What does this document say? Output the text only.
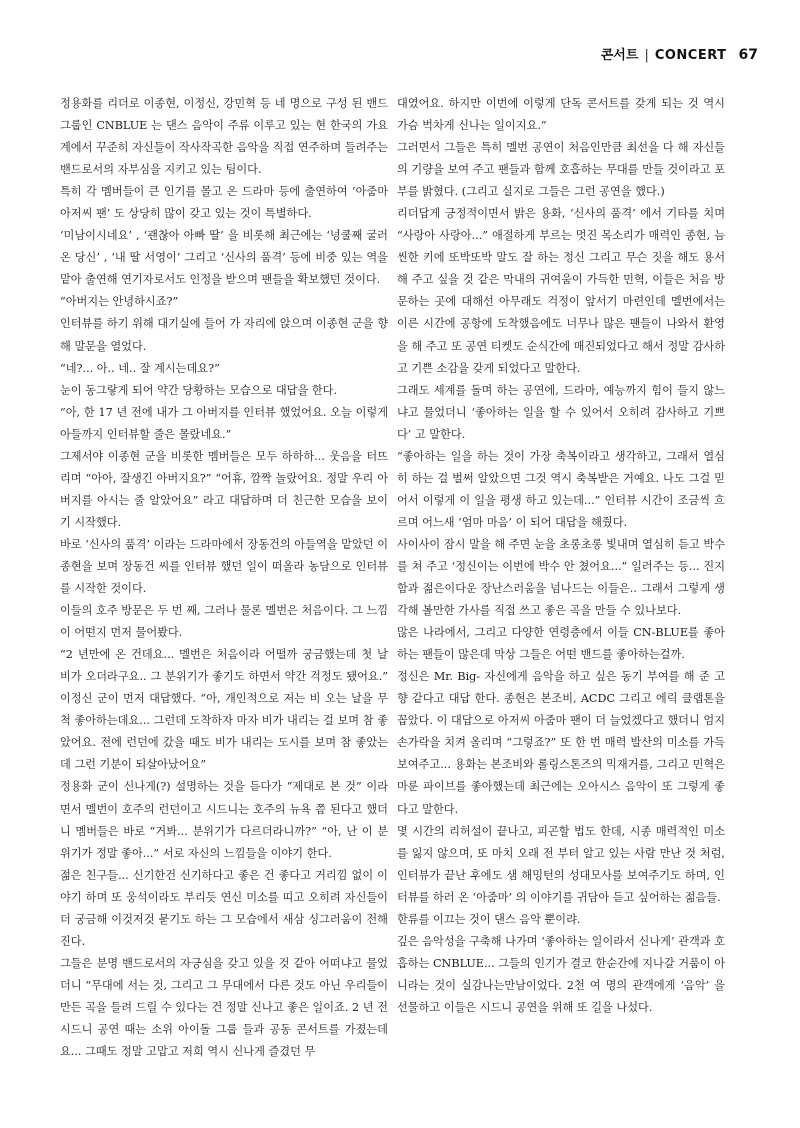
콘서트 | CONCERT 67

정용화를 리더로 이종현, 이정신, 강민혁 등 네 명으로 구성 된 밴드 그룹인 CNBLUE 는 댄스 음악이 주류 이루고 있는 현 한국의 가요계에서 꾸준히 자신들이 작사작곡한 음악을 직접 연주하며 들려주는 밴드로서의 자부심을 지키고 있는 팀이다.

특히 각 멤버들이 큰 인기를 몰고 온 드라마 등에 출연하여 ‘아줌마 아저씨 팬’ 도 상당히 많이 갖고 있는 것이 특별하다.

‘미남이시네요’ , ‘괜찮아 아빠 딸’ 을 비롯해 최근에는 ‘넝쿨째 굴러온 당신’ , ‘내 딸 서영이’ 그리고 ‘신사의 품격’ 등에 비중 있는 역을 맡아 출연해 연기자로서도 인정을 받으며 팬들을 확보했던 것이다.

“아버지는 안녕하시죠?”

인터뷰를 하기 위해 대기실에 들어 가 자리에 앉으며 이종현 군을 향해 말문을 열었다.

“네?... 아.. 네.. 잘 계시는데요?”

눈이 동그랗게 되어 약간 당황하는 모습으로 대답을 한다.

“아, 한 17 년 전에 내가 그 아버지를 인터뷰 했었어요. 오늘 이렇게 아들까지 인터뷰할 줄은 몰랐네요.”

그제서야 이종현 군을 비롯한 멤버들은 모두 하하하... 웃음을 터뜨리며 “아아, 잘생긴 아버지요?” “어휴, 깜짝 놀랐어요. 정말 우리 아버지를 아시는 줄 알았어요” 라고 대답하며 더 친근한 모습을 보이기 시작했다.

바로 ‘신사의 품격’ 이라는 드라마에서 장동건의 아들역을 맡았던 이종현을 보며 장동건 씨를 인터뷰 했던 일이 떠올라 농담으로 인터뷰를 시작한 것이다.

이들의 호주 방문은 두 번 째, 그러나 물론 멜번은 처음이다. 그 느낌이 어떤지 먼저 물어봤다.

“2 년만에 온 건데요... 멜번은 처음이라 어떨까 궁금했는데 첫 날 비가 오더라구요.. 그 분위기가 좋기도 하면서 약간 걱정도 됐어요.” 이정신 군이 먼저 대답했다. “아, 개인적으로 저는 비 오는 날을 무척 좋아하는데요... 그런데 도착하자 마자 비가 내리는 걸 보며 참 좋았어요. 전에 런던에 갔을 때도 비가 내리는 도시를 보며 참 좋았는데 그런 기분이 되살아났어요”

정용화 군이 신나게(?) 설명하는 것을 듣다가 “제대로 본 것” 이라면서 멜번이 호주의 런던이고 시드니는 호주의 뉴욕 쯤 된다고 했더니 멤버들은 바로 “거봐... 분위기가 다르더라니까?” “아, 난 이 분위기가 정말 좋아...” 서로 자신의 느낌들을 이야기 한다.

젊은 친구들... 신기한건 신기하다고 좋은 건 좋다고 거리낌 없이 이야기 하며 또 웅석이라도 부리듯 연신 미소를 띠고 오히려 자신들이 더 궁금해 이것저것 묻기도 하는 그 모습에서 새삼 싱그러움이 전해진다.

그들은 분명 밴드로서의 자긍심을 갖고 있을 것 같아 어떠냐고 물었더니 “무대에 서는 것, 그리고 그 무대에서 다른 것도 아닌 우리들이 만든 곡을 들려 드릴 수 있다는 건 정말 신나고 좋은 일이죠. 2 년 전 시드니 공연 때는 소위 아이돌 그룹 들과 공동 콘서트를 가졌는데요... 그때도 정말 고맙고 저희 역시 신나게 즐겼던 무

대였어요. 하지만 이번에 이렇게 단독 콘서트를 갖게 되는 것 역시 가슴 벅차게 신나는 일이지요.”

그러면서 그들은 특히 멜번 공연이 처음인만큼 최선을 다 해 자신들의 기량을 보여 주고 팬들과 함께 호흡하는 무대를 만들 것이라고 포부를 밝혔다. (그리고 실지로 그들은 그런 공연을 했다.)

리더답게 긍정적이면서 밝은 용화, ‘신사의 품격’ 에서 기타를 치며 “사랑아 사랑아...” 애절하게 부르는 멋진 목소리가 매력인 종현, 늠씬한 키에 또박또박 말도 잘 하는 정신 그리고 무슨 짓을 해도 용서해 주고 싶을 것 같은 막내의 귀여움이 가득한 민혁, 이들은 처음 방문하는 곳에 대해선 아무래도 걱정이 앞서기 마련인데 멜번에서는 이른 시간에 공항에 도착했음에도 너무나 많은 팬들이 나와서 환영을 해 주고 또 공연 티켓도 순식간에 매진되었다고 해서 정말 감사하고 기쁜 소감을 갖게 되었다고 말한다.

그래도 세계를 돌며 하는 공연에, 드라마, 예능까지 힘이 들지 않느냐고 물었더니 ‘좋아하는 일을 할 수 있어서 오히려 감사하고 기쁘다’ 고 말한다.

“좋아하는 일을 하는 것이 가장 축복이라고 생각하고, 그래서 열심히 하는 걸 벌써 알았으면 그것 역시 축복받은 거예요. 나도 그걸 믿어서 이렇게 이 일을 평생 하고 있는데...” 인터뷰 시간이 조금씩 흐르며 어느새 ‘엄마 마음’ 이 되어 대답을 해줬다.

사이사이 잠시 말을 해 주면 눈을 초롱초롱 빛내며 열심히 듣고 박수를 쳐 주고 ‘정신이는 이번에 박수 안 쳤어요...” 일러주는 등... 진지함과 젊은이다운 장난스러움을 넘나드는 이들은.. 그래서 그렇게 생각해 볼만한 가사를 직접 쓰고 좋은 곡을 만들 수 있나보다.

많은 나라에서, 그리고 다양한 연령층에서 이들 CN-BLUE를 좋아하는 팬들이 많은데 막상 그들은 어떤 밴드를 좋아하는걸까.

정신은 Mr. Big- 자신에게 음악을 하고 싶은 동기 부여를 해 준 고향 같다고 대답 한다. 종현은 본조비, ACDC 그리고 에릭 클랩톤을 꼽았다. 이 대답으로 아저씨 아줌마 팬이 더 늘었겠다고 했더니 엄지 손가락을 치켜 올리며 “그렇죠?” 또 한 번 매력 발산의 미소를 가득 보여주고... 용화는 본조비와 롤링스톤즈의 믹재거를, 그리고 민혁은 마룬 파이브를 좋아했는데 최근에는 오아시스 음악이 또 그렇게 좋다고 말한다.

몇 시간의 리허설이 끝나고, 피곤할 법도 한데, 시종 매력적인 미소를 잃지 않으며, 또 마치 오래 전 부터 알고 있는 사람 만난 것 처럼, 인터뷰가 끝난 후에도 샘 해밍턴의 성대모사를 보여주기도 하며, 인터뷰를 하러 온 ‘아줌마’ 의 이야기를 귀담아 듣고 싶어하는 젊음들.

한류를 이끄는 것이 댄스 음악 뿐이랴.

깊은 음악성을 구축해 나가며 ‘좋아하는 일이라서 신나게’ 관객과 호흡하는 CNBLUE... 그들의 인기가 결코 한순간에 지나갈 거품이 아니라는 것이 실감나는만남이었다. 2천 여 명의 관객에게 ‘음악’ 을 선물하고 이들은 시드니 공연을 위해 또 길을 나섰다.
